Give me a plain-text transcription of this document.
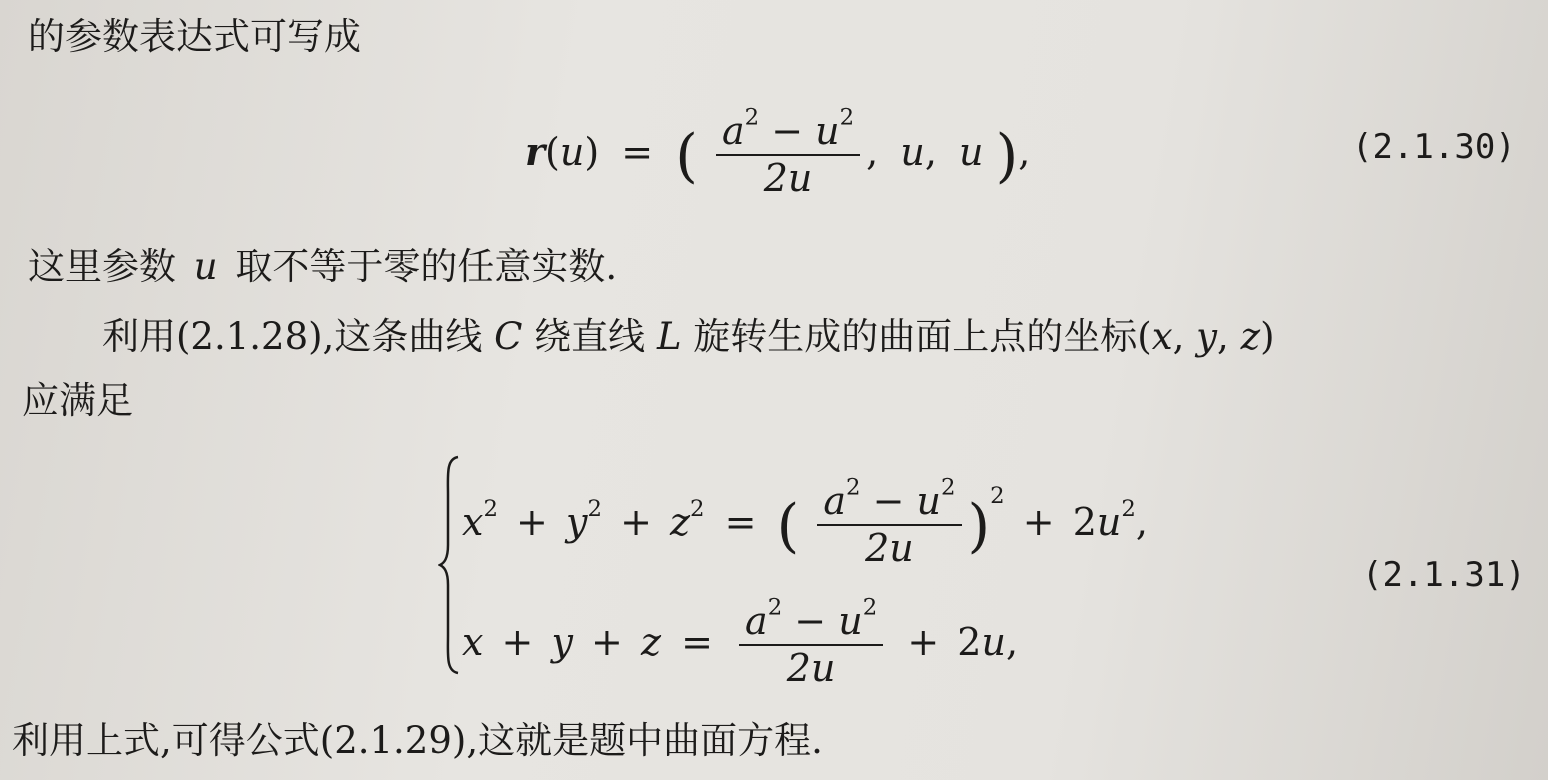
的参数表达式可写成
r(u) = ( $\frac{a^2 - u^2}{2u}$ , u, u ),	(2.1.30)
这里参数 u 取不等于零的任意实数.
利用(2.1.28),这条曲线 C 绕直线 L 旋转生成的曲面上点的坐标(x, y, z)
应满足
$x^2 + y^2 + z^2$ = ( $\frac{a^2 - u^2}{2u} )^2 + 2u^2$,
(2.1.31)
$x + y + z = \frac{a^2 - u^2}{2u} + 2u$,
利用上式,可得公式(2.1.29),这就是题中曲面方程.
